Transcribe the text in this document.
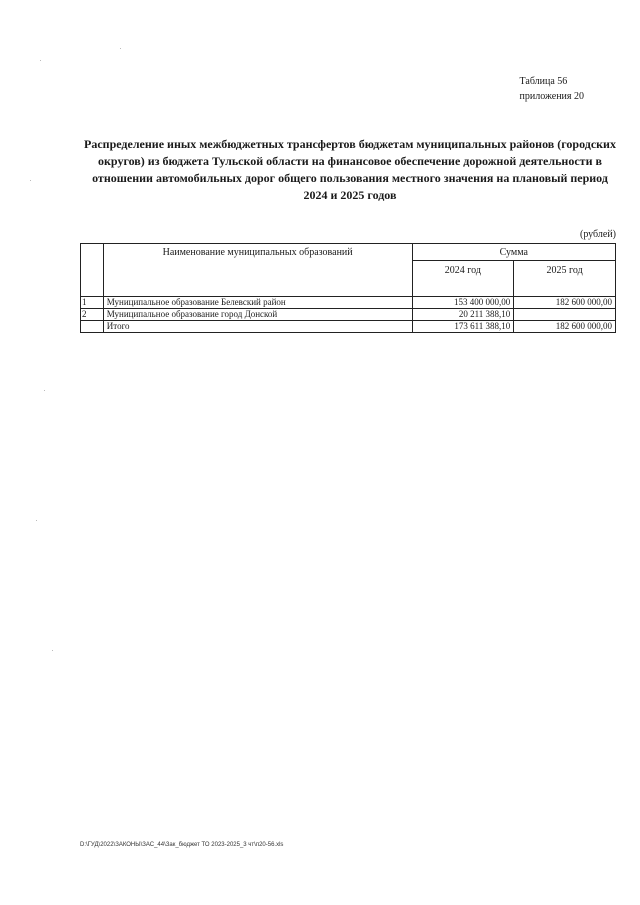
Таблица 56
приложения 20
Распределение иных межбюджетных трансфертов бюджетам муниципальных районов (городских округов) из бюджета Тульской области на финансовое обеспечение дорожной деятельности в отношении автомобильных дорог общего пользования местного значения на плановый период 2024 и 2025 годов
(рублей)
	Наименование муниципальных образований	Сумма	
		2024 год	2025 год
1	Муниципальное образование Белевский район	153 400 000,00	182 600 000,00
2	Муниципальное образование город Донской	20 211 388,10	
	Итого	173 611 388,10	182 600 000,00
D:\ГУД\2022\ЗАКОНЫ\ЗАС_44\Зак_бюджет ТО 2023-2025_3 чт\п20-56.xls
